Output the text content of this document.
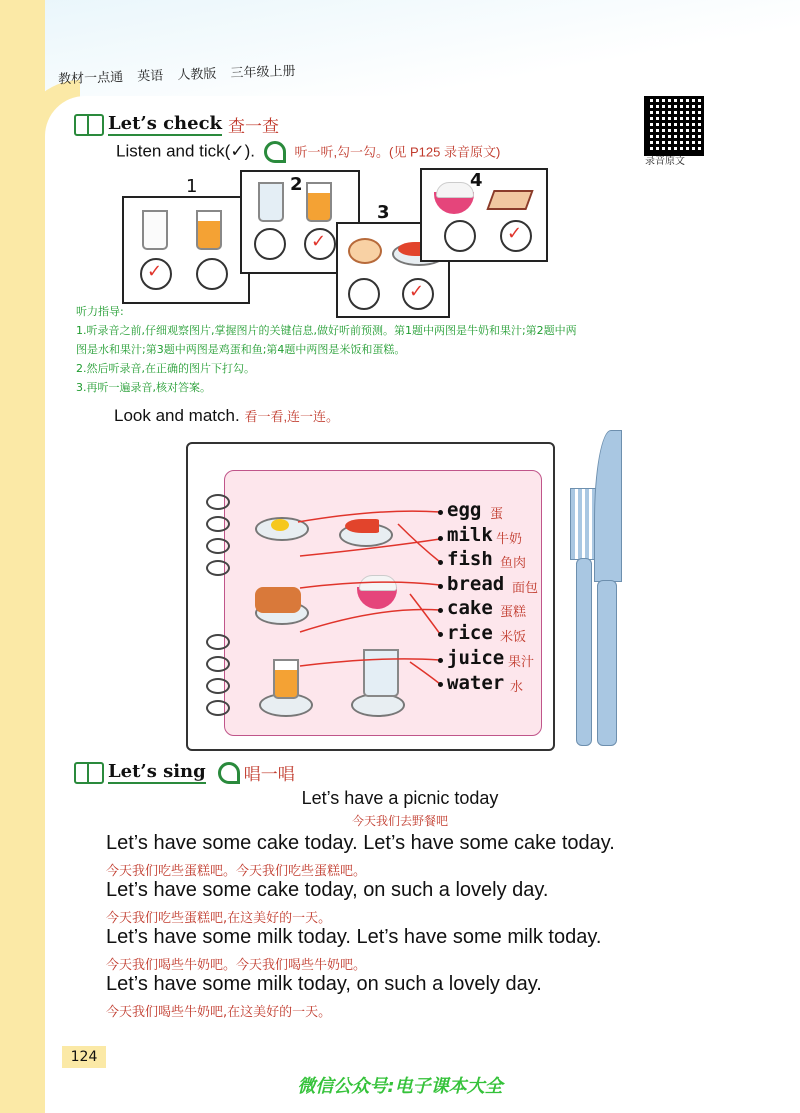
教材一点通 英语 人教版 三年级上册
录音原文
Let’s check 查一查
Listen and tick(✓).	听一听,勾一勾。(见 P125 录音原文)
✓
1
✓
2
✓
3
✓
4
听力指导:
1.听录音之前,仔细观察图片,掌握图片的关键信息,做好听前预测。第1题中两图是牛奶和果汁;第2题中两
图是水和果汁;第3题中两图是鸡蛋和鱼;第4题中两图是米饭和蛋糕。
2.然后听录音,在正确的图片下打勾。
3.再听一遍录音,核对答案。
Look and match. 看一看,连一连。
egg 蛋
milk 牛奶
fish 鱼肉
bread 面包
cake 蛋糕
rice 米饭
juice 果汁
water 水
Let’s sing 唱一唱
Let’s have a picnic today
今天我们去野餐吧
Let’s have some cake today. Let’s have some cake today.
今天我们吃些蛋糕吧。今天我们吃些蛋糕吧。
Let’s have some cake today, on such a lovely day.
今天我们吃些蛋糕吧,在这美好的一天。
Let’s have some milk today. Let’s have some milk today.
今天我们喝些牛奶吧。今天我们喝些牛奶吧。
Let’s have some milk today, on such a lovely day.
今天我们喝些牛奶吧,在这美好的一天。
124
微信公众号:电子课本大全
